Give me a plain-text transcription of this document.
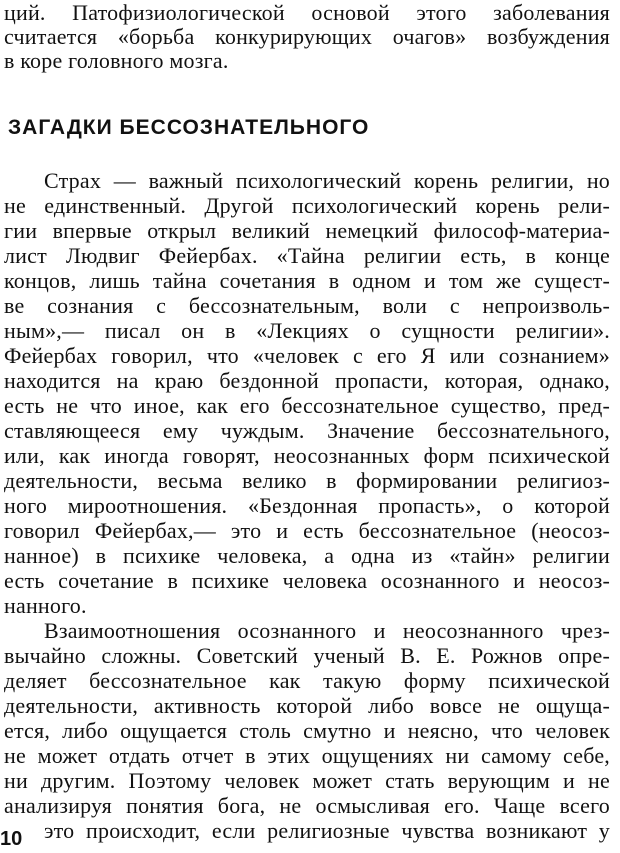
ций. Патофизиологической основой этого заболевания
считается «борьба конкурирующих очагов» возбуждения
в коре головного мозга.
ЗАГАДКИ БЕССОЗНАТЕЛЬНОГО
Страх — важный психологический корень религии, но
не единственный. Другой психологический корень рели-
гии впервые открыл великий немецкий философ-материа-
лист Людвиг Фейербах. «Тайна религии есть, в конце
концов, лишь тайна сочетания в одном и том же сущест-
ве сознания с бессознательным, воли с непроизволь-
ным»,— писал он в «Лекциях о сущности религии».
Фейербах говорил, что «человек с его Я или сознанием»
находится на краю бездонной пропасти, которая, однако,
есть не что иное, как его бессознательное существо, пред-
ставляющееся ему чуждым. Значение бессознательного,
или, как иногда говорят, неосознанных форм психической
деятельности, весьма велико в формировании религиоз-
ного мироотношения. «Бездонная пропасть», о которой
говорил Фейербах,— это и есть бессознательное (неосоз-
нанное) в психике человека, а одна из «тайн» религии
есть сочетание в психике человека осознанного и неосоз-
нанного.
Взаимоотношения осознанного и неосознанного чрез-
вычайно сложны. Советский ученый В. Е. Рожнов опре-
деляет бессознательное как такую форму психической
деятельности, активность которой либо вовсе не ощуща-
ется, либо ощущается столь смутно и неясно, что человек
не может отдать отчет в этих ощущениях ни самому себе,
ни другим. Поэтому человек может стать верующим и не
анализируя понятия бога, не осмысливая его. Чаще всего
это происходит, если религиозные чувства возникают у
10
